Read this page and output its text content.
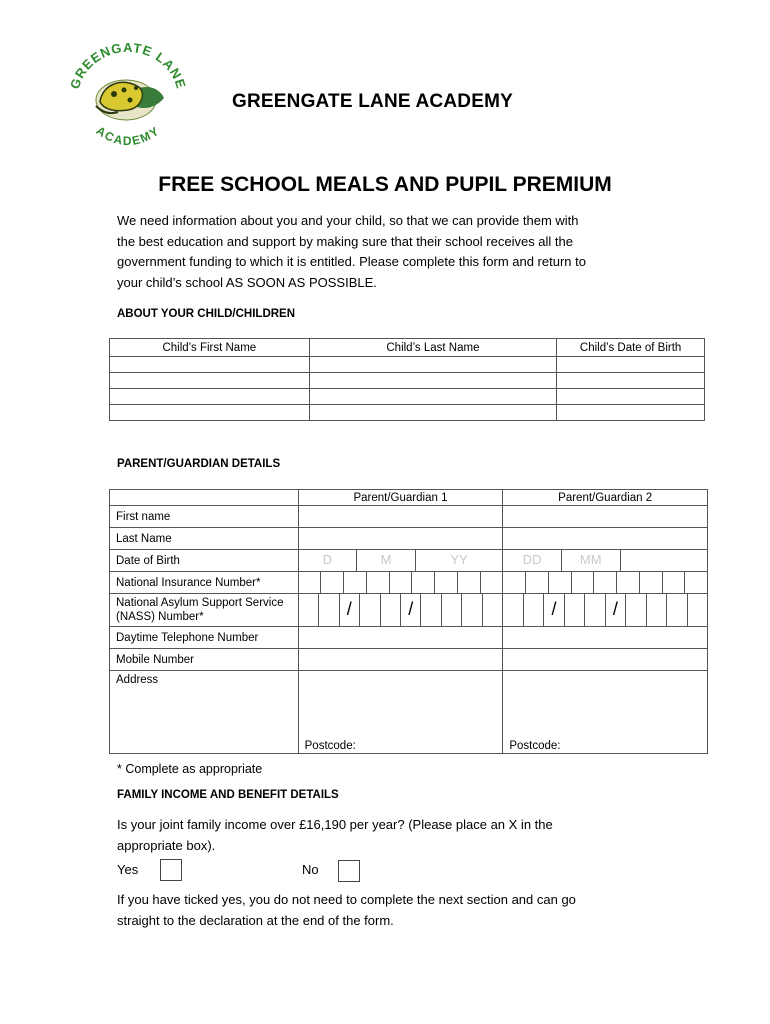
GREENGATE LANE
ACADEMY
GREENGATE LANE ACADEMY
FREE SCHOOL MEALS AND PUPIL PREMIUM

We need information about you and your child, so that we can provide them with

the best education and support by making sure that their school receives all the

government funding to which it is entitled. Please complete this form and return to

your child’s school AS SOON AS POSSIBLE.

ABOUT YOUR CHILD/CHILDREN
Child’s First Name	Child’s Last Name	Child’s Date of Birth

PARENT/GUARDIAN DETAILS
	Parent/Guardian 1	Parent/Guardian 2
First name		
Last Name		
Date of Birth	D M YY	DD MM

National Insurance Number*	

National Asylum Support Service (NASS) Number*	/ /	/ /

Daytime Telephone Number		
Mobile Number		
Address	Postcode:	Postcode:
* Complete as appropriate
FAMILY INCOME AND BENEFIT DETAILS

Is your joint family income over £16,190 per year? (Please place an X in the

appropriate box).

Yes	No

If you have ticked yes, you do not need to complete the next section and can go

straight to the declaration at the end of the form.
